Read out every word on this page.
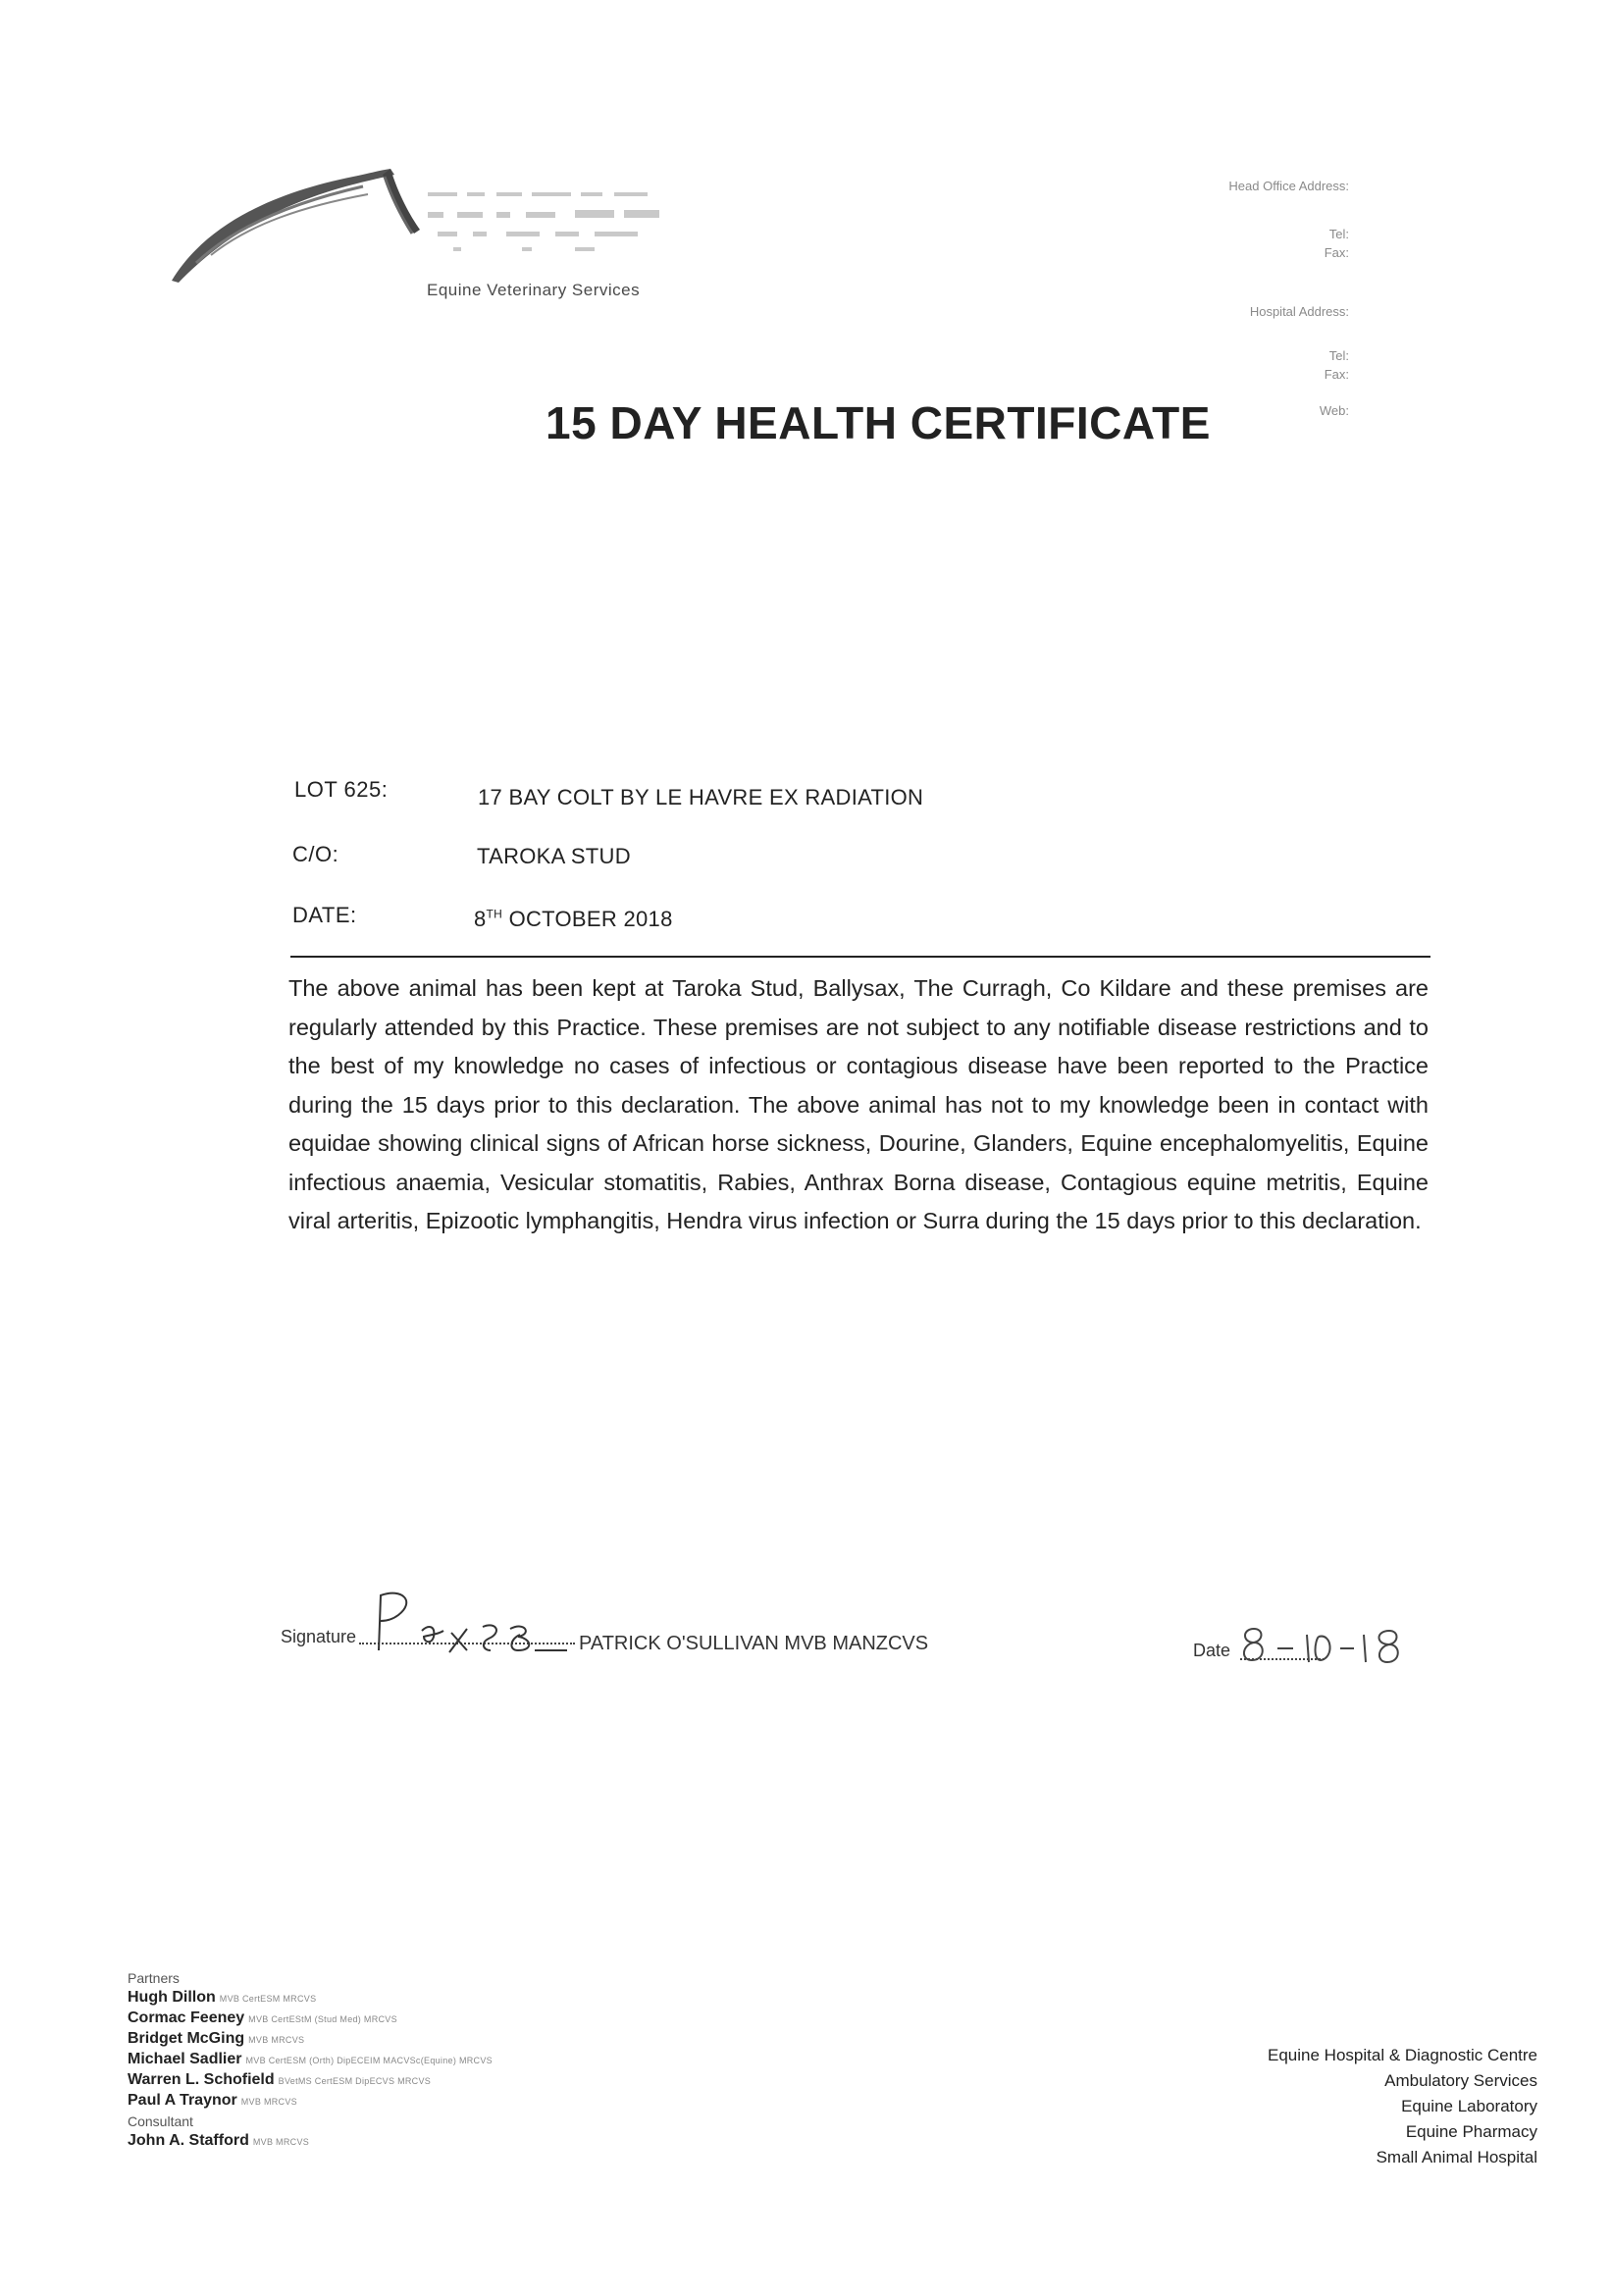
Equine Veterinary Services
Head Office Address:
Tel:
Fax:
Hospital Address:
Tel:
Fax:
Web:
15 DAY HEALTH CERTIFICATE
LOT 625:	17 BAY COLT BY LE HAVRE EX RADIATION
C/O:	TAROKA STUD
DATE:	8TH OCTOBER 2018
The above animal has been kept at Taroka Stud, Ballysax, The Curragh, Co Kildare and these premises are regularly attended by this Practice. These premises are not subject to any notifiable disease restrictions and to the best of my knowledge no cases of infectious or contagious disease have been reported to the Practice during the 15 days prior to this declaration. The above animal has not to my knowledge been in contact with equidae showing clinical signs of African horse sickness, Dourine, Glanders, Equine encephalomyelitis, Equine infectious anaemia, Vesicular stomatitis, Rabies, Anthrax Borna disease, Contagious equine metritis, Equine viral arteritis, Epizootic lymphangitis, Hendra virus infection or Surra during the 15 days prior to this declaration.
Signature	PATRICK O'SULLIVAN MVB MANZCVS	Date
Partners
Hugh Dillon MVB CertESM MRCVS
Cormac Feeney MVB CertEStM (Stud Med) MRCVS
Bridget McGing MVB MRCVS
Michael Sadlier MVB CertESM (Orth) DipECEIM MACVSc(Equine) MRCVS
Warren L. Schofield BVetMS CertESM DipECVS MRCVS
Paul A Traynor MVB MRCVS
Consultant
John A. Stafford MVB MRCVS
Equine Hospital & Diagnostic Centre
Ambulatory Services
Equine Laboratory
Equine Pharmacy
Small Animal Hospital
